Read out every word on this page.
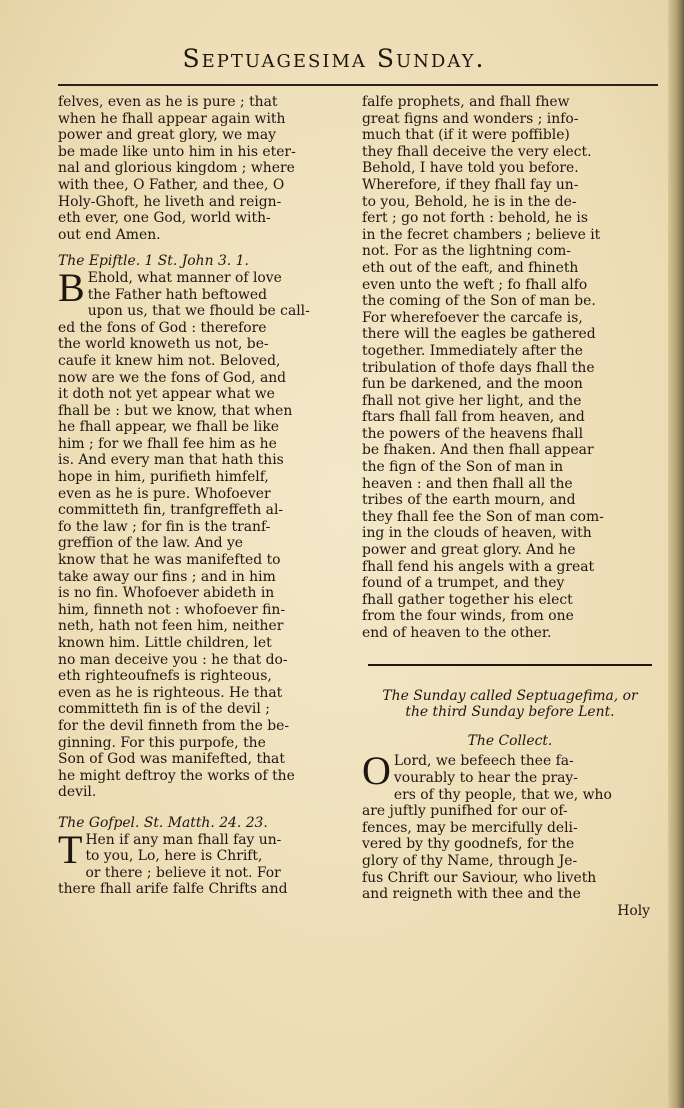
Septuagesima Sunday.
felves, even as he is pure ; that
when he fhall appear again with
power and great glory, we may
be made like unto him in his eter-
nal and glorious kingdom ; where
with thee, O Father, and thee, O
Holy-Ghoft, he liveth and reign-
eth ever, one God, world with-
out end Amen.
The Epiftle. 1 St. John 3. 1.
B Ehold, what manner of love
the Father hath beftowed
upon us, that we fhould be call-
ed the fons of God : therefore
the world knoweth us not, be-
caufe it knew him not. Beloved,
now are we the fons of God, and
it doth not yet appear what we
fhall be : but we know, that when
he fhall appear, we fhall be like
him ; for we fhall fee him as he
is. And every man that hath this
hope in him, purifieth himfelf,
even as he is pure. Whofoever
committeth fin, tranfgreffeth al-
fo the law ; for fin is the tranf-
greffion of the law. And ye
know that he was manifefted to
take away our fins ; and in him
is no fin. Whofoever abideth in
him, finneth not : whofoever fin-
neth, hath not feen him, neither
known him. Little children, let
no man deceive you : he that do-
eth righteoufnefs is righteous,
even as he is righteous. He that
committeth fin is of the devil ;
for the devil finneth from the be-
ginning. For this purpofe, the
Son of God was manifefted, that
he might deftroy the works of the
devil.
The Gofpel. St. Matth. 24. 23.
T Hen if any man fhall fay un-
to you, Lo, here is Chrift,
or there ; believe it not. For
there fhall arife falfe Chrifts and
falfe prophets, and fhall fhew
great figns and wonders ; info-
much that (if it were poffible)
they fhall deceive the very elect.
Behold, I have told you before.
Wherefore, if they fhall fay un-
to you, Behold, he is in the de-
fert ; go not forth : behold, he is
in the fecret chambers ; believe it
not. For as the lightning com-
eth out of the eaft, and fhineth
even unto the weft ; fo fhall alfo
the coming of the Son of man be.
For wherefoever the carcafe is,
there will the eagles be gathered
together. Immediately after the
tribulation of thofe days fhall the
fun be darkened, and the moon
fhall not give her light, and the
ftars fhall fall from heaven, and
the powers of the heavens fhall
be fhaken. And then fhall appear
the fign of the Son of man in
heaven : and then fhall all the
tribes of the earth mourn, and
they fhall fee the Son of man com-
ing in the clouds of heaven, with
power and great glory. And he
fhall fend his angels with a great
found of a trumpet, and they
fhall gather together his elect
from the four winds, from one
end of heaven to the other.
The Sunday called Septuagefima, or
the third Sunday before Lent.
The Collect.
O Lord, we befeech thee fa-
vourably to hear the pray-
ers of thy people, that we, who
are juftly punifhed for our of-
fences, may be mercifully deli-
vered by thy goodnefs, for the
glory of thy Name, through Je-
fus Chrift our Saviour, who liveth
and reigneth with thee and the
Holy
